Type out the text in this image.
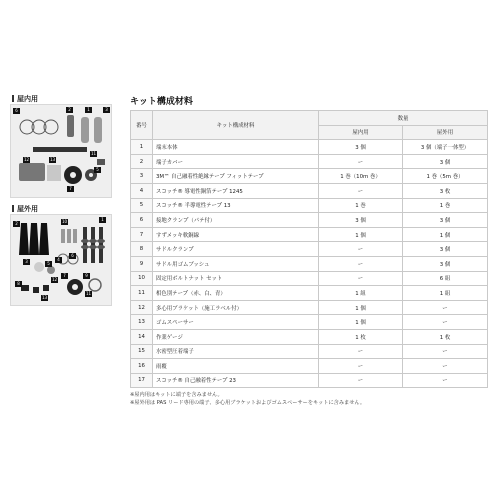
屋内用
6	2	1	3
12	13
11
5
7
屋外用
2	10	1
3	5
4
6
8
7	9
12
11
13
キット構成材料
番号	キット構成材料	数量	
		屋内用	屋外用
1	端末本体	3 個	3 個（端子一体型）
2	端子カバー	ー	3 個
3	3M™ 自己融着性絶縁テープ フィットテープ	1 巻（10m 巻）	1 巻（5m 巻）
4	スコッチ® 導電性銅箔テープ 1245	ー	3 枚
5	スコッチ® 半導電性テープ 13	1 巻	1 巻
6	接地クランプ（パテ付）	3 個	3 個
7	すずメッキ軟銅線	1 個	1 個
8	サドルクランプ	ー	3 個
9	サドル用ゴムブッシュ	ー	3 個
10	固定用ボルトナット セット	ー	6 組
11	相色別テープ（赤、白、青）	1 組	1 組
12	多心用ブラケット（施工ラベル付）	1 個	ー
13	ゴムスペーサー	1 個	ー
14	作業ゲージ	1 枚	1 枚
15	水密型圧着端子	ー	ー
16	雨覆	ー	ー
17	スコッチ® 自己融着性テープ 23	ー	ー
※屋内用はキットに端子を含みません。
※屋外用は PAS リード専用の端子、多心用ブラケットおよびゴムスペーサーをキットに含みません。
